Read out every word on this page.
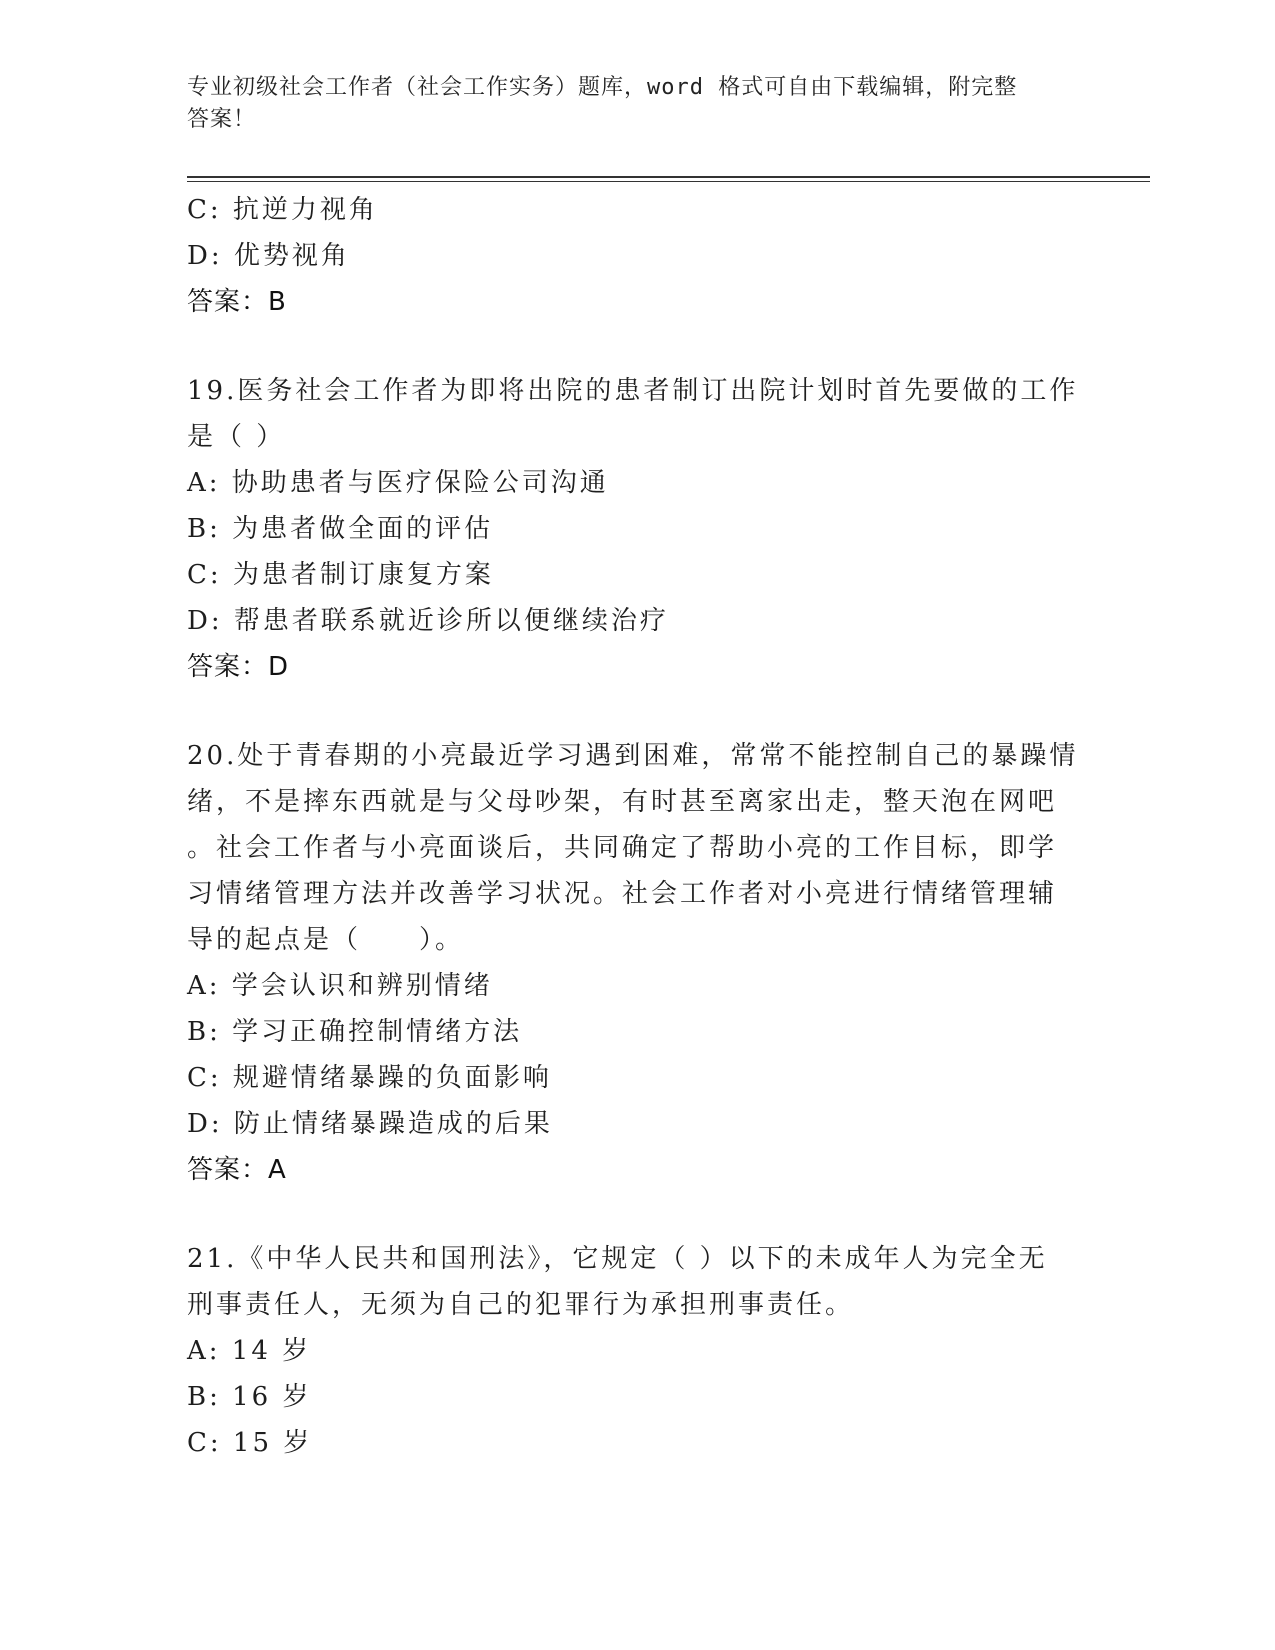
专业初级社会工作者（社会工作实务）题库，word 格式可自由下载编辑，附完整
答案！
C: 抗逆力视角
D: 优势视角
答案：B
19.医务社会工作者为即将出院的患者制订出院计划时首先要做的工作
是（ ）
A: 协助患者与医疗保险公司沟通
B: 为患者做全面的评估
C: 为患者制订康复方案
D: 帮患者联系就近诊所以便继续治疗
答案：D
20.处于青春期的小亮最近学习遇到困难，常常不能控制自己的暴躁情
绪，不是摔东西就是与父母吵架，有时甚至离家出走，整天泡在网吧
。社会工作者与小亮面谈后，共同确定了帮助小亮的工作目标，即学
习情绪管理方法并改善学习状况。社会工作者对小亮进行情绪管理辅
导的起点是（　　）。
A: 学会认识和辨别情绪
B: 学习正确控制情绪方法
C: 规避情绪暴躁的负面影响
D: 防止情绪暴躁造成的后果
答案：A
21.《中华人民共和国刑法》，它规定（ ）以下的未成年人为完全无
刑事责任人，无须为自己的犯罪行为承担刑事责任。
A: 14 岁
B: 16 岁
C: 15 岁
